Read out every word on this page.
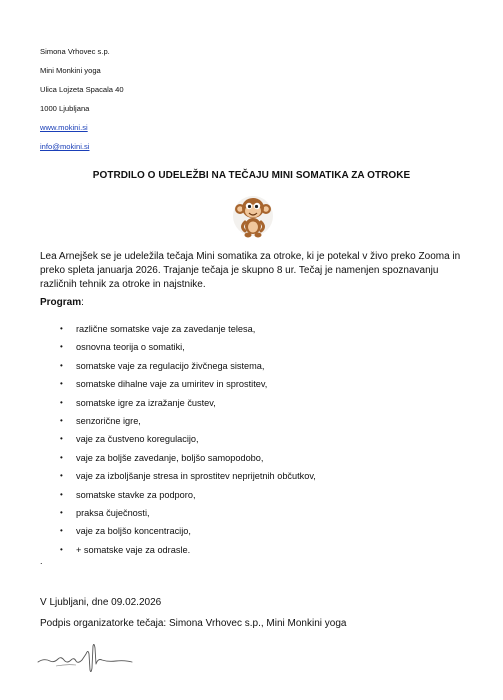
Simona Vrhovec s.p.
Mini Monkini yoga
Ulica Lojzeta Spacala 40
1000 Ljubljana
www.mokini.si
info@mokini.si
POTRDILO O UDELEŽBI NA TEČAJU MINI SOMATIKA ZA OTROKE
Lea Arnejšek se je udeležila tečaja Mini somatika za otroke, ki je potekal v živo preko Zooma in preko spleta januarja 2026. Trajanje tečaja je skupno 8 ur. Tečaj je namenjen spoznavanju različnih tehnik za otroke in najstnike.
Program:
• različne somatske vaje za zavedanje telesa,
• osnovna teorija o somatiki,
• somatske vaje za regulacijo živčnega sistema,
• somatske dihalne vaje za umiritev in sprostitev,
• somatske igre za izražanje čustev,
• senzorične igre,
• vaje za čustveno koregulacijo,
• vaje za boljše zavedanje, boljšo samopodobo,
• vaje za izboljšanje stresa in sprostitev neprijetnih občutkov,
• somatske stavke za podporo,
• praksa čuječnosti,
• vaje za boljšo koncentracijo,
• + somatske vaje za odrasle.
.
V Ljubljani, dne 09.02.2026
Podpis organizatorke tečaja: Simona Vrhovec s.p., Mini Monkini yoga
